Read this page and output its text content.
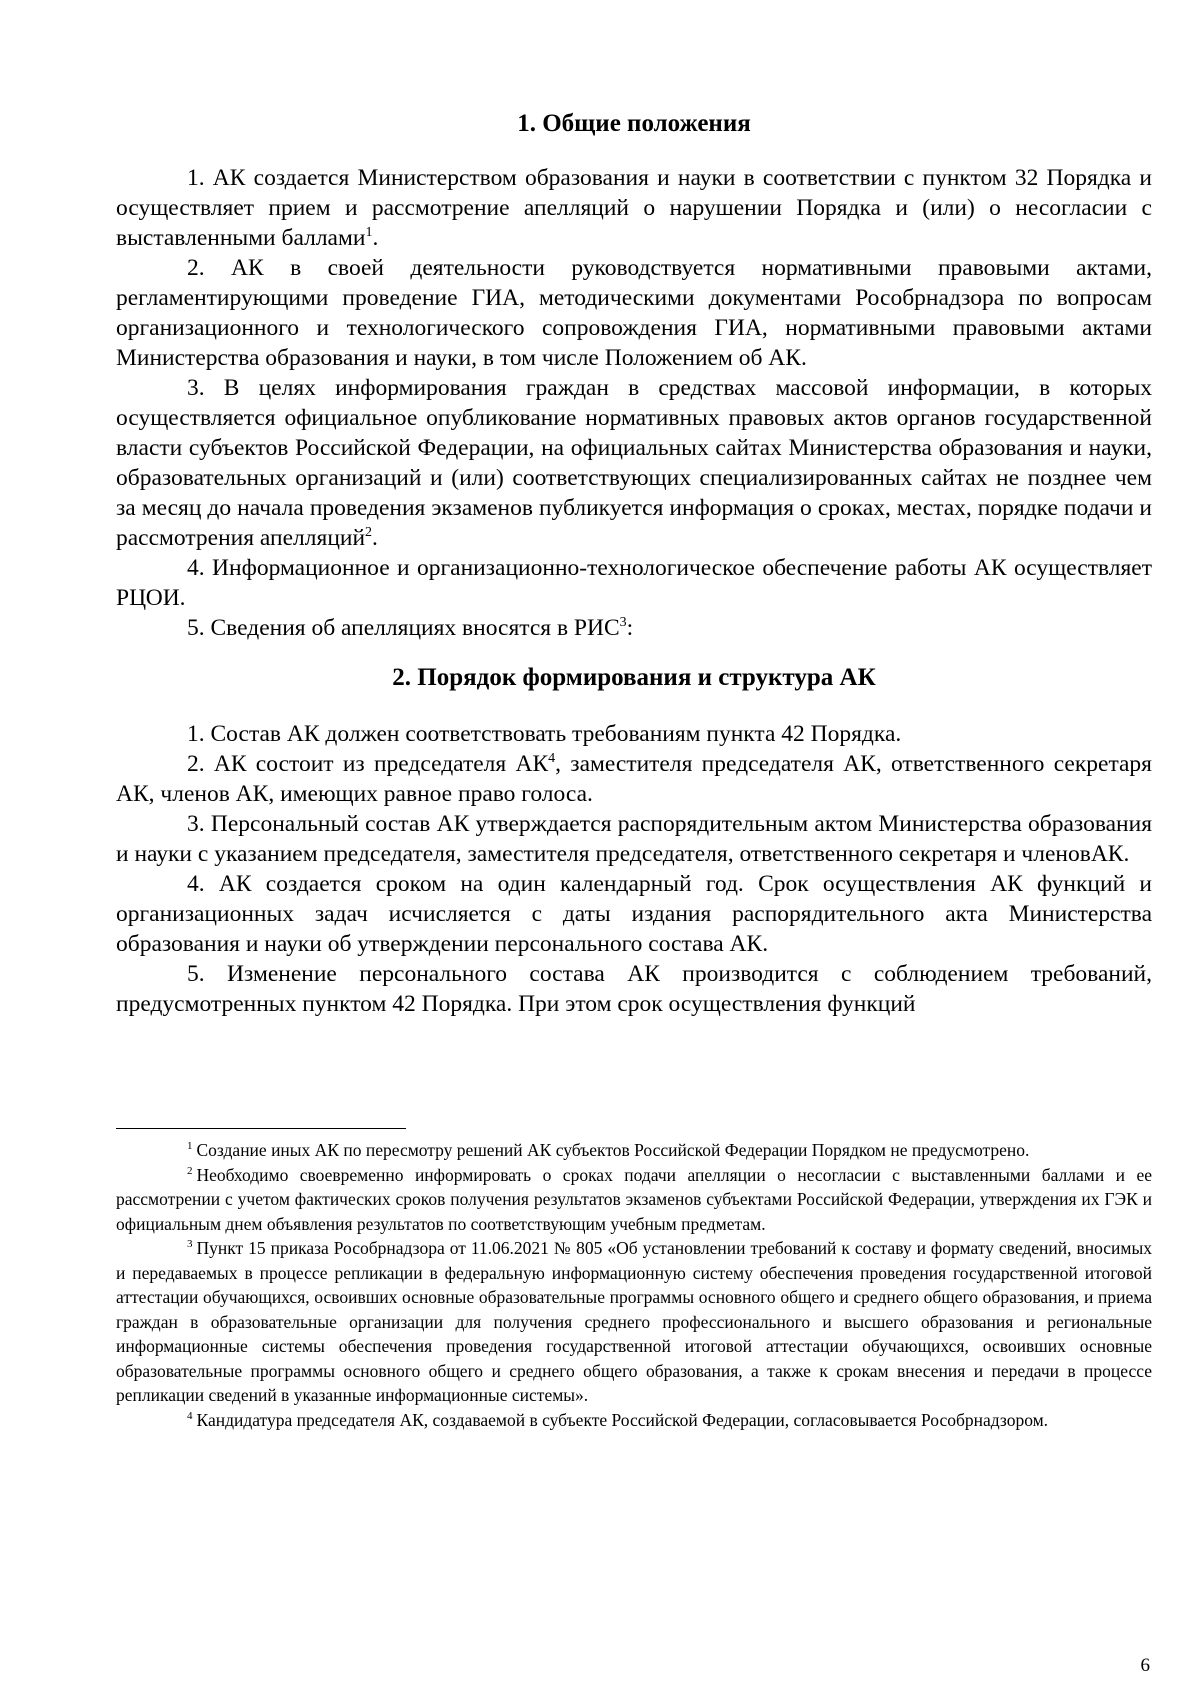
1. Общие положения

1. АК создается Министерством образования и науки в соответствии с пунктом 32 Порядка и осуществляет прием и рассмотрение апелляций о нарушении Порядка и (или) о несогласии с выставленными баллами$^1$.

2. АК в своей деятельности руководствуется нормативными правовыми актами, регламентирующими проведение ГИА, методическими документами Рособрнадзора по вопросам организационного и технологического сопровождения ГИА, нормативными правовыми актами Министерства образования и науки, в том числе Положением об АК.

3. В целях информирования граждан в средствах массовой информации, в которых осуществляется официальное опубликование нормативных правовых актов органов государственной власти субъектов Российской Федерации, на официальных сайтах Министерства образования и науки, образовательных организаций и (или) соответствующих специализированных сайтах не позднее чем за месяц до начала проведения экзаменов публикуется информация о сроках, местах, порядке подачи и рассмотрения апелляций$^2$.

4. Информационное и организационно-технологическое обеспечение работы АК осуществляет РЦОИ.

5. Сведения об апелляциях вносятся в РИС$^3$:

2. Порядок формирования и структура АК

1. Состав АК должен соответствовать требованиям пункта 42 Порядка.

2. АК состоит из председателя АК$^4$, заместителя председателя АК, ответственного секретаря АК, членов АК, имеющих равное право голоса.

3. Персональный состав АК утверждается распорядительным актом Министерства образования и науки с указанием председателя, заместителя председателя, ответственного секретаря и членовАК.

4. АК создается сроком на один календарный год. Срок осуществления АК функций и организационных задач исчисляется с даты издания распорядительного акта Министерства образования и науки об утверждении персонального состава АК.

5. Изменение персонального состава АК производится с соблюдением требований, предусмотренных пунктом 42 Порядка. При этом срок осуществления функций

$^1$ Создание иных АК по пересмотру решений АК субъектов Российской Федерации Порядком не предусмотрено.

$^2$ Необходимо своевременно информировать о сроках подачи апелляции о несогласии с выставленными баллами и ее рассмотрении с учетом фактических сроков получения результатов экзаменов субъектами Российской Федерации, утверждения их ГЭК и официальным днем объявления результатов по соответствующим учебным предметам.

$^3$ Пункт 15 приказа Рособрнадзора от 11.06.2021 № 805 «Об установлении требований к составу и формату сведений, вносимых и передаваемых в процессе репликации в федеральную информационную систему обеспечения проведения государственной итоговой аттестации обучающихся, освоивших основные образовательные программы основного общего и среднего общего образования, и приема граждан в образовательные организации для получения среднего профессионального и высшего образования и региональные информационные системы обеспечения проведения государственной итоговой аттестации обучающихся, освоивших основные образовательные программы основного общего и среднего общего образования, а также к срокам внесения и передачи в процессе репликации сведений в указанные информационные системы».

$^4$ Кандидатура председателя АК, создаваемой в субъекте Российской Федерации, согласовывается Рособрнадзором.

6
